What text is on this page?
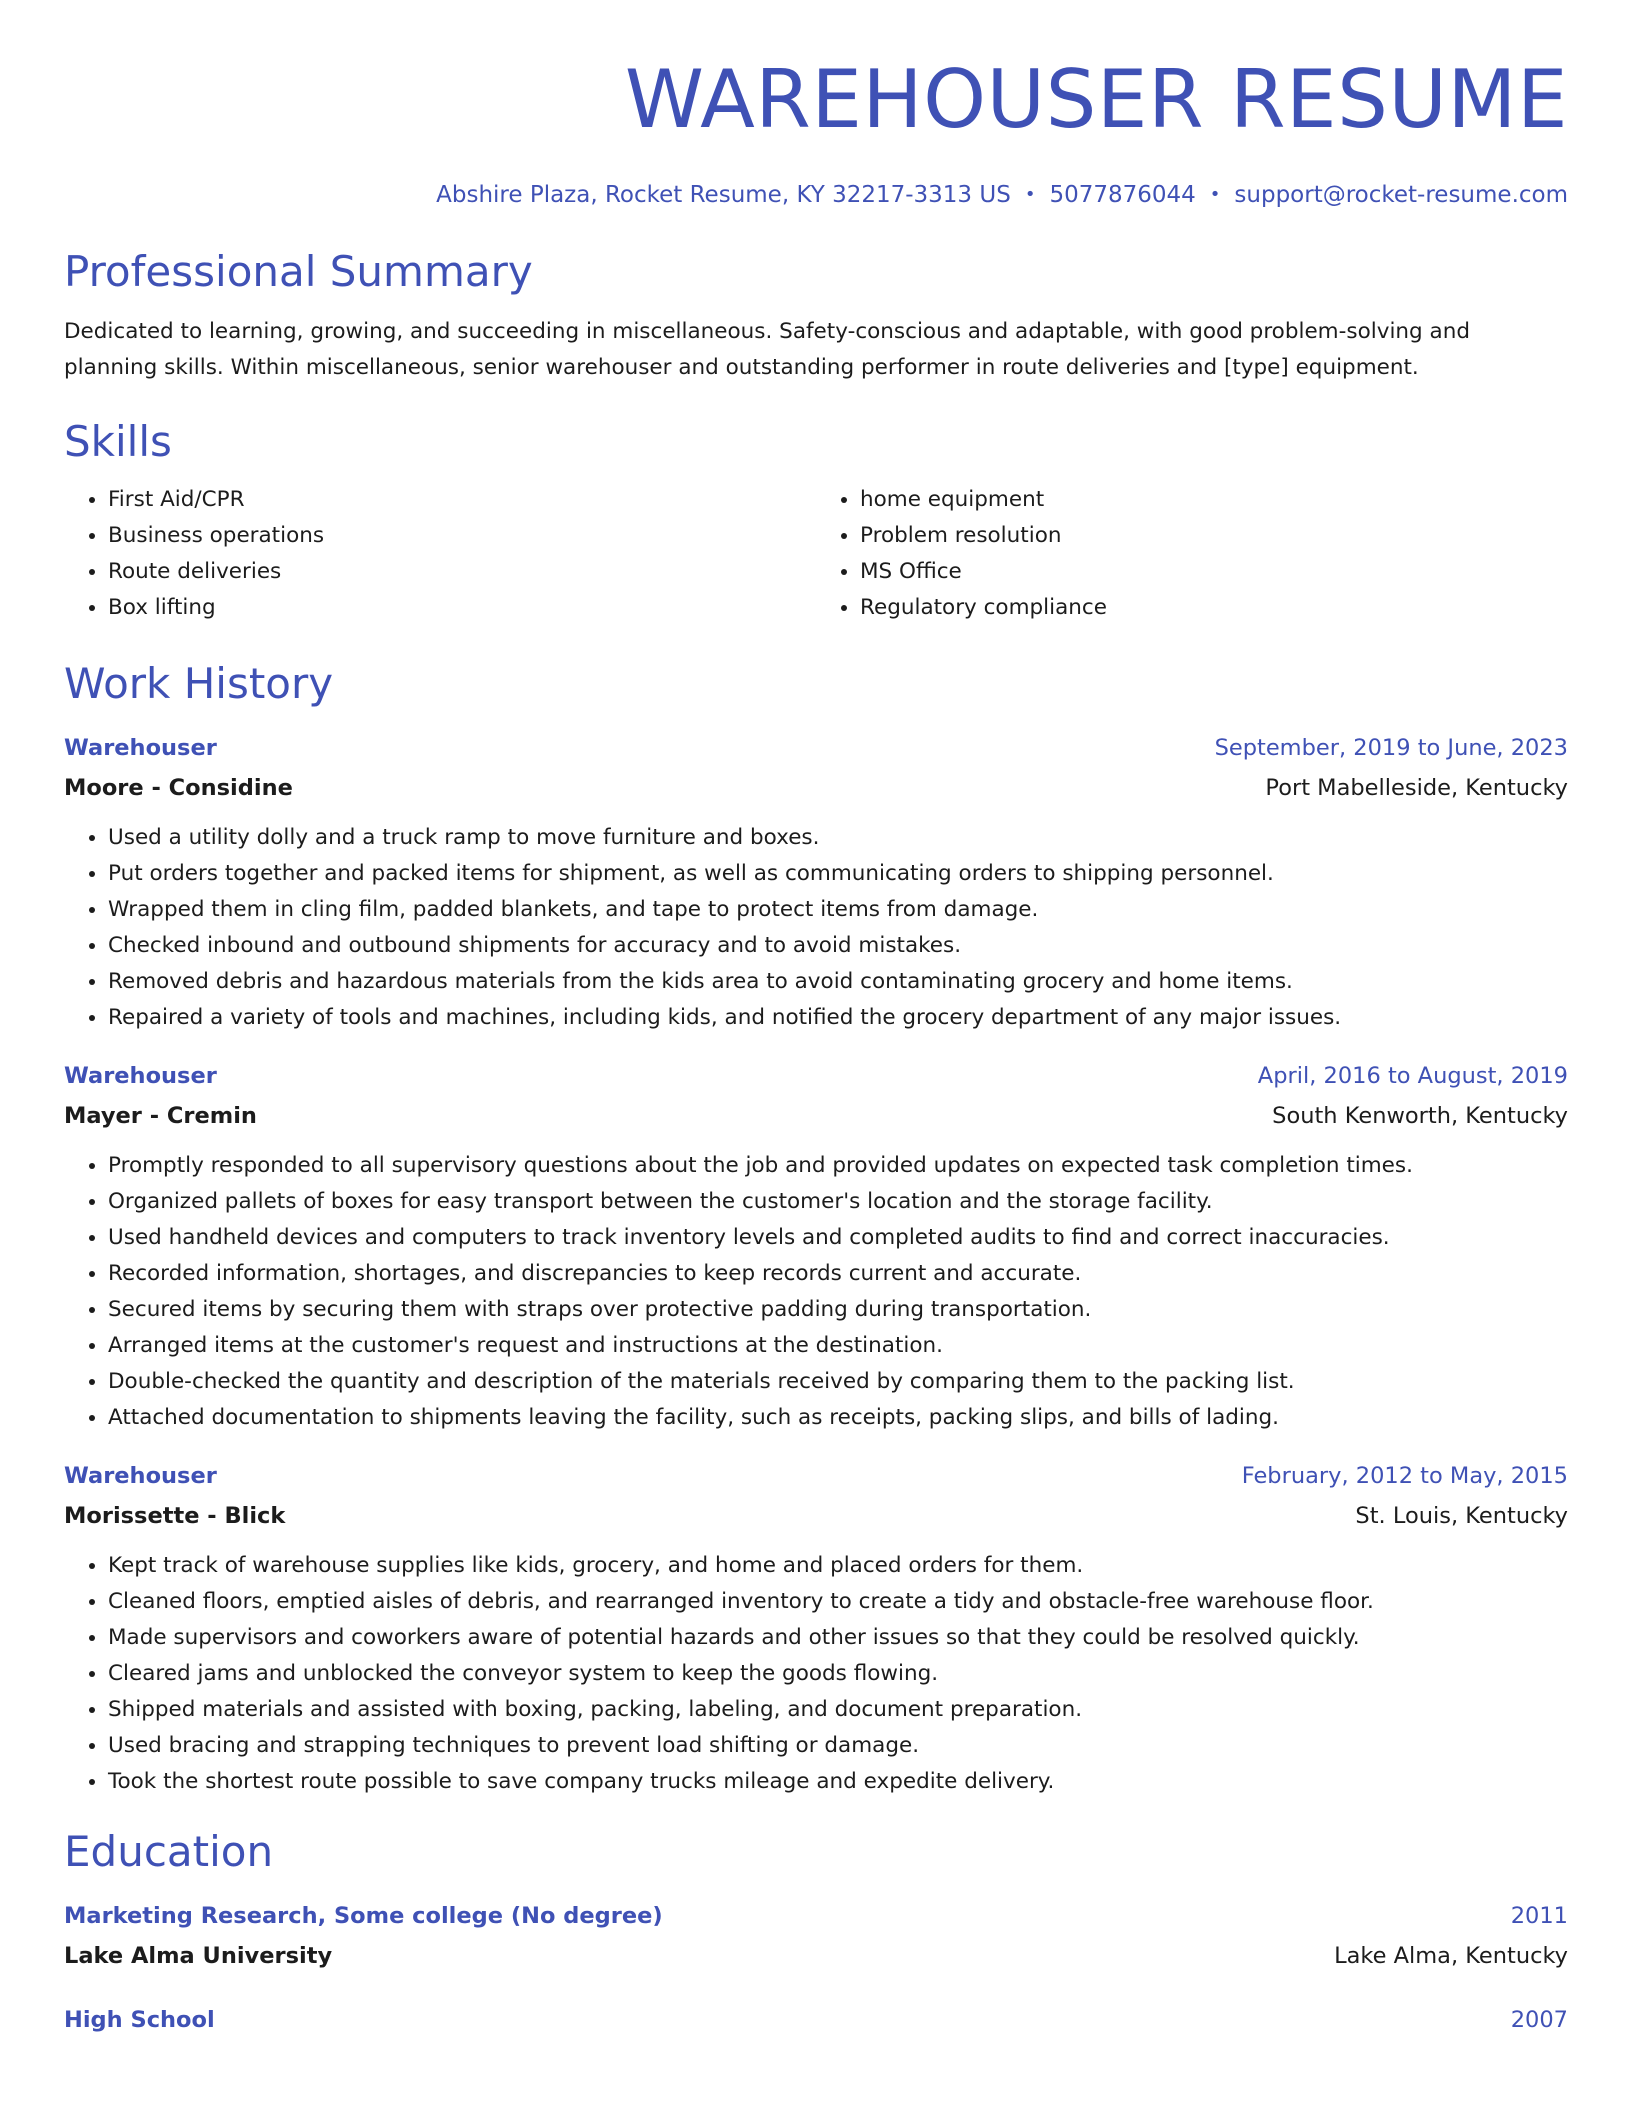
WAREHOUSER RESUME
Abshire Plaza, Rocket Resume, KY 32217-3313 US • 5077876044 • support@rocket-resume.com
Professional Summary
Dedicated to learning, growing, and succeeding in miscellaneous. Safety-conscious and adaptable, with good problem-solving and planning skills. Within miscellaneous, senior warehouser and outstanding performer in route deliveries and [type] equipment.
Skills
• First Aid/CPR
• Business operations
• Route deliveries
• Box lifting
• home equipment
• Problem resolution
• MS Office
• Regulatory compliance
Work History
Warehouser	September, 2019 to June, 2023
Moore - Considine	Port Mabelleside, Kentucky
• Used a utility dolly and a truck ramp to move furniture and boxes.
• Put orders together and packed items for shipment, as well as communicating orders to shipping personnel.
• Wrapped them in cling film, padded blankets, and tape to protect items from damage.
• Checked inbound and outbound shipments for accuracy and to avoid mistakes.
• Removed debris and hazardous materials from the kids area to avoid contaminating grocery and home items.
• Repaired a variety of tools and machines, including kids, and notified the grocery department of any major issues.
Warehouser	April, 2016 to August, 2019
Mayer - Cremin	South Kenworth, Kentucky
• Promptly responded to all supervisory questions about the job and provided updates on expected task completion times.
• Organized pallets of boxes for easy transport between the customer's location and the storage facility.
• Used handheld devices and computers to track inventory levels and completed audits to find and correct inaccuracies.
• Recorded information, shortages, and discrepancies to keep records current and accurate.
• Secured items by securing them with straps over protective padding during transportation.
• Arranged items at the customer's request and instructions at the destination.
• Double-checked the quantity and description of the materials received by comparing them to the packing list.
• Attached documentation to shipments leaving the facility, such as receipts, packing slips, and bills of lading.
Warehouser	February, 2012 to May, 2015
Morissette - Blick	St. Louis, Kentucky
• Kept track of warehouse supplies like kids, grocery, and home and placed orders for them.
• Cleaned floors, emptied aisles of debris, and rearranged inventory to create a tidy and obstacle-free warehouse floor.
• Made supervisors and coworkers aware of potential hazards and other issues so that they could be resolved quickly.
• Cleared jams and unblocked the conveyor system to keep the goods flowing.
• Shipped materials and assisted with boxing, packing, labeling, and document preparation.
• Used bracing and strapping techniques to prevent load shifting or damage.
• Took the shortest route possible to save company trucks mileage and expedite delivery.
Education
Marketing Research, Some college (No degree)	2011
Lake Alma University	Lake Alma, Kentucky
High School	2007
